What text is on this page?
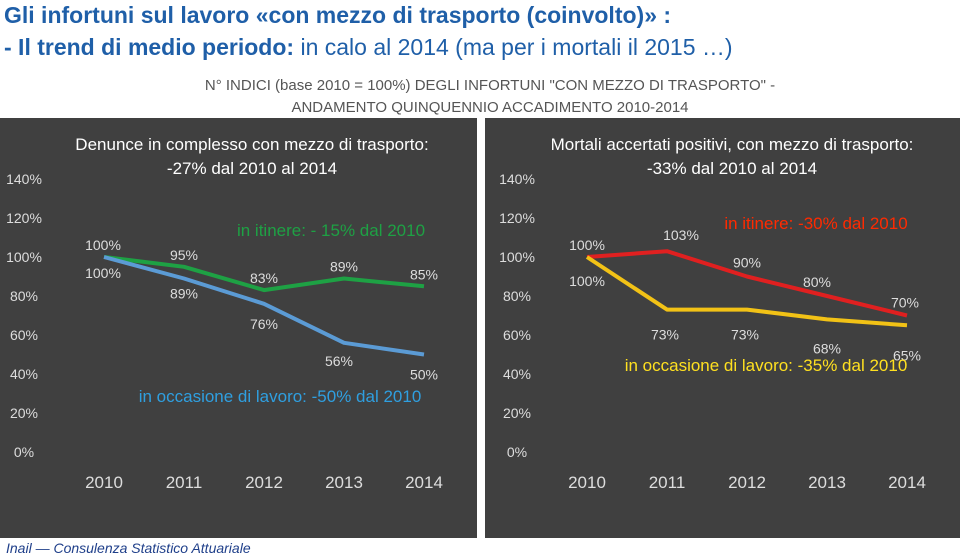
Gli infortuni sul lavoro «con mezzo di trasporto (coinvolto)» :
- Il trend di medio periodo: in calo al 2014 (ma per i mortali il 2015 …)
N° INDICI (base 2010 = 100%) DEGLI INFORTUNI "CON MEZZO DI TRASPORTO" -
ANDAMENTO QUINQUENNIO ACCADIMENTO 2010-2014
0%
20%
40%
60%
80%
100%
120%
140%
2010	2011	2012 2013 2014
Denunce in complesso con mezzo di trasporto:
-27% dal 2010 al 2014
100%
95%
83%
89%	85%
in itinere: - 15% dal 2010
100%
89%
76%
56%
50%
in occasione di lavoro: -50% dal 2010
0%
20%
40%
60%
80%
100%
120%
140%
2010	2011	2012 2013 2014
Mortali accertati positivi, con mezzo di trasporto:
-33% dal 2010 al 2014
100%
103%
90%
80%
70%
in itinere: -30% dal 2010
100%
73%	73%
68%	65%
in occasione di lavoro: -35% dal 2010
Inail — Consulenza Statistico Attuariale
